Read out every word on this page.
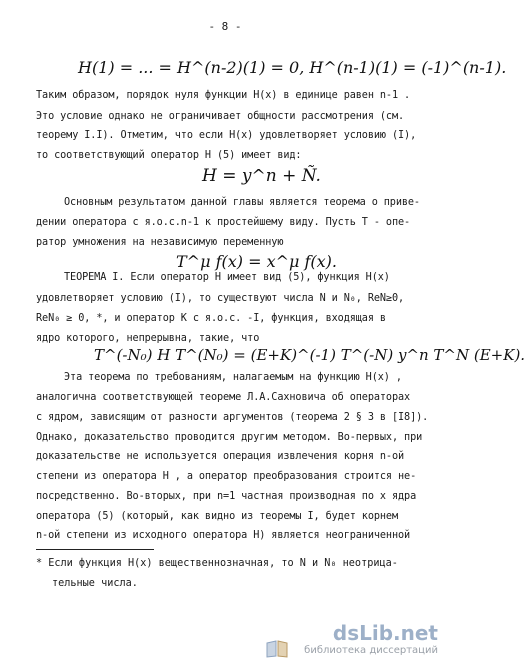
- 8 -
H(1) = ... = H^(n-2)(1) = 0, H^(n-1)(1) = (-1)^(n-1).
Таким образом, порядок нуля функции H(x) в единице равен n-1 .
Это условие однако не ограничивает общности рассмотрения (см.
теорему I.I). Отметим, что если H(x) удовлетворяет условию (I),
то соответствующий оператор H (5) имеет вид:
H = y^n + Ñ.
Основным результатом данной главы является теорема о приве-
дении оператора с я.о.с.n-1 к простейшему виду. Пусть T - опе-
ратор умножения на независимую переменную
T^μ f(x) = x^μ f(x).
ТЕОРЕМА I. Если оператор H имеет вид (5), функция H(x)
удовлетворяет условию (I), то существуют числа N и N₀, ReN≥0,
ReN₀ ≥ 0, *, и оператор K с я.о.с. -I, функция, входящая в
ядро которого, непрерывна, такие, что
T^(-N₀) H T^(N₀) = (E+K)^(-1) T^(-N) y^n T^N (E+K).
Эта теорема по требованиям, налагаемым на функцию H(x) ,
аналогична соответствующей теореме Л.А.Сахновича об операторах
с ядром, зависящим от разности аргументов (теорема 2 § 3 в [I8]).
Однако, доказательство проводится другим методом. Во-первых, при
доказательстве не используется операция извлечения корня n-ой
степени из оператора H , а оператор преобразования строится не-
посредственно. Во-вторых, при n=1 частная производная по x ядра
оператора (5) (который, как видно из теоремы I, будет корнем
n-ой степени из исходного оператора H) является неограниченной
* Если функция H(x) вещественнозначная, то N и N₀ неотрица-
тельные числа.
dsLib.net
библиотека диссертаций
